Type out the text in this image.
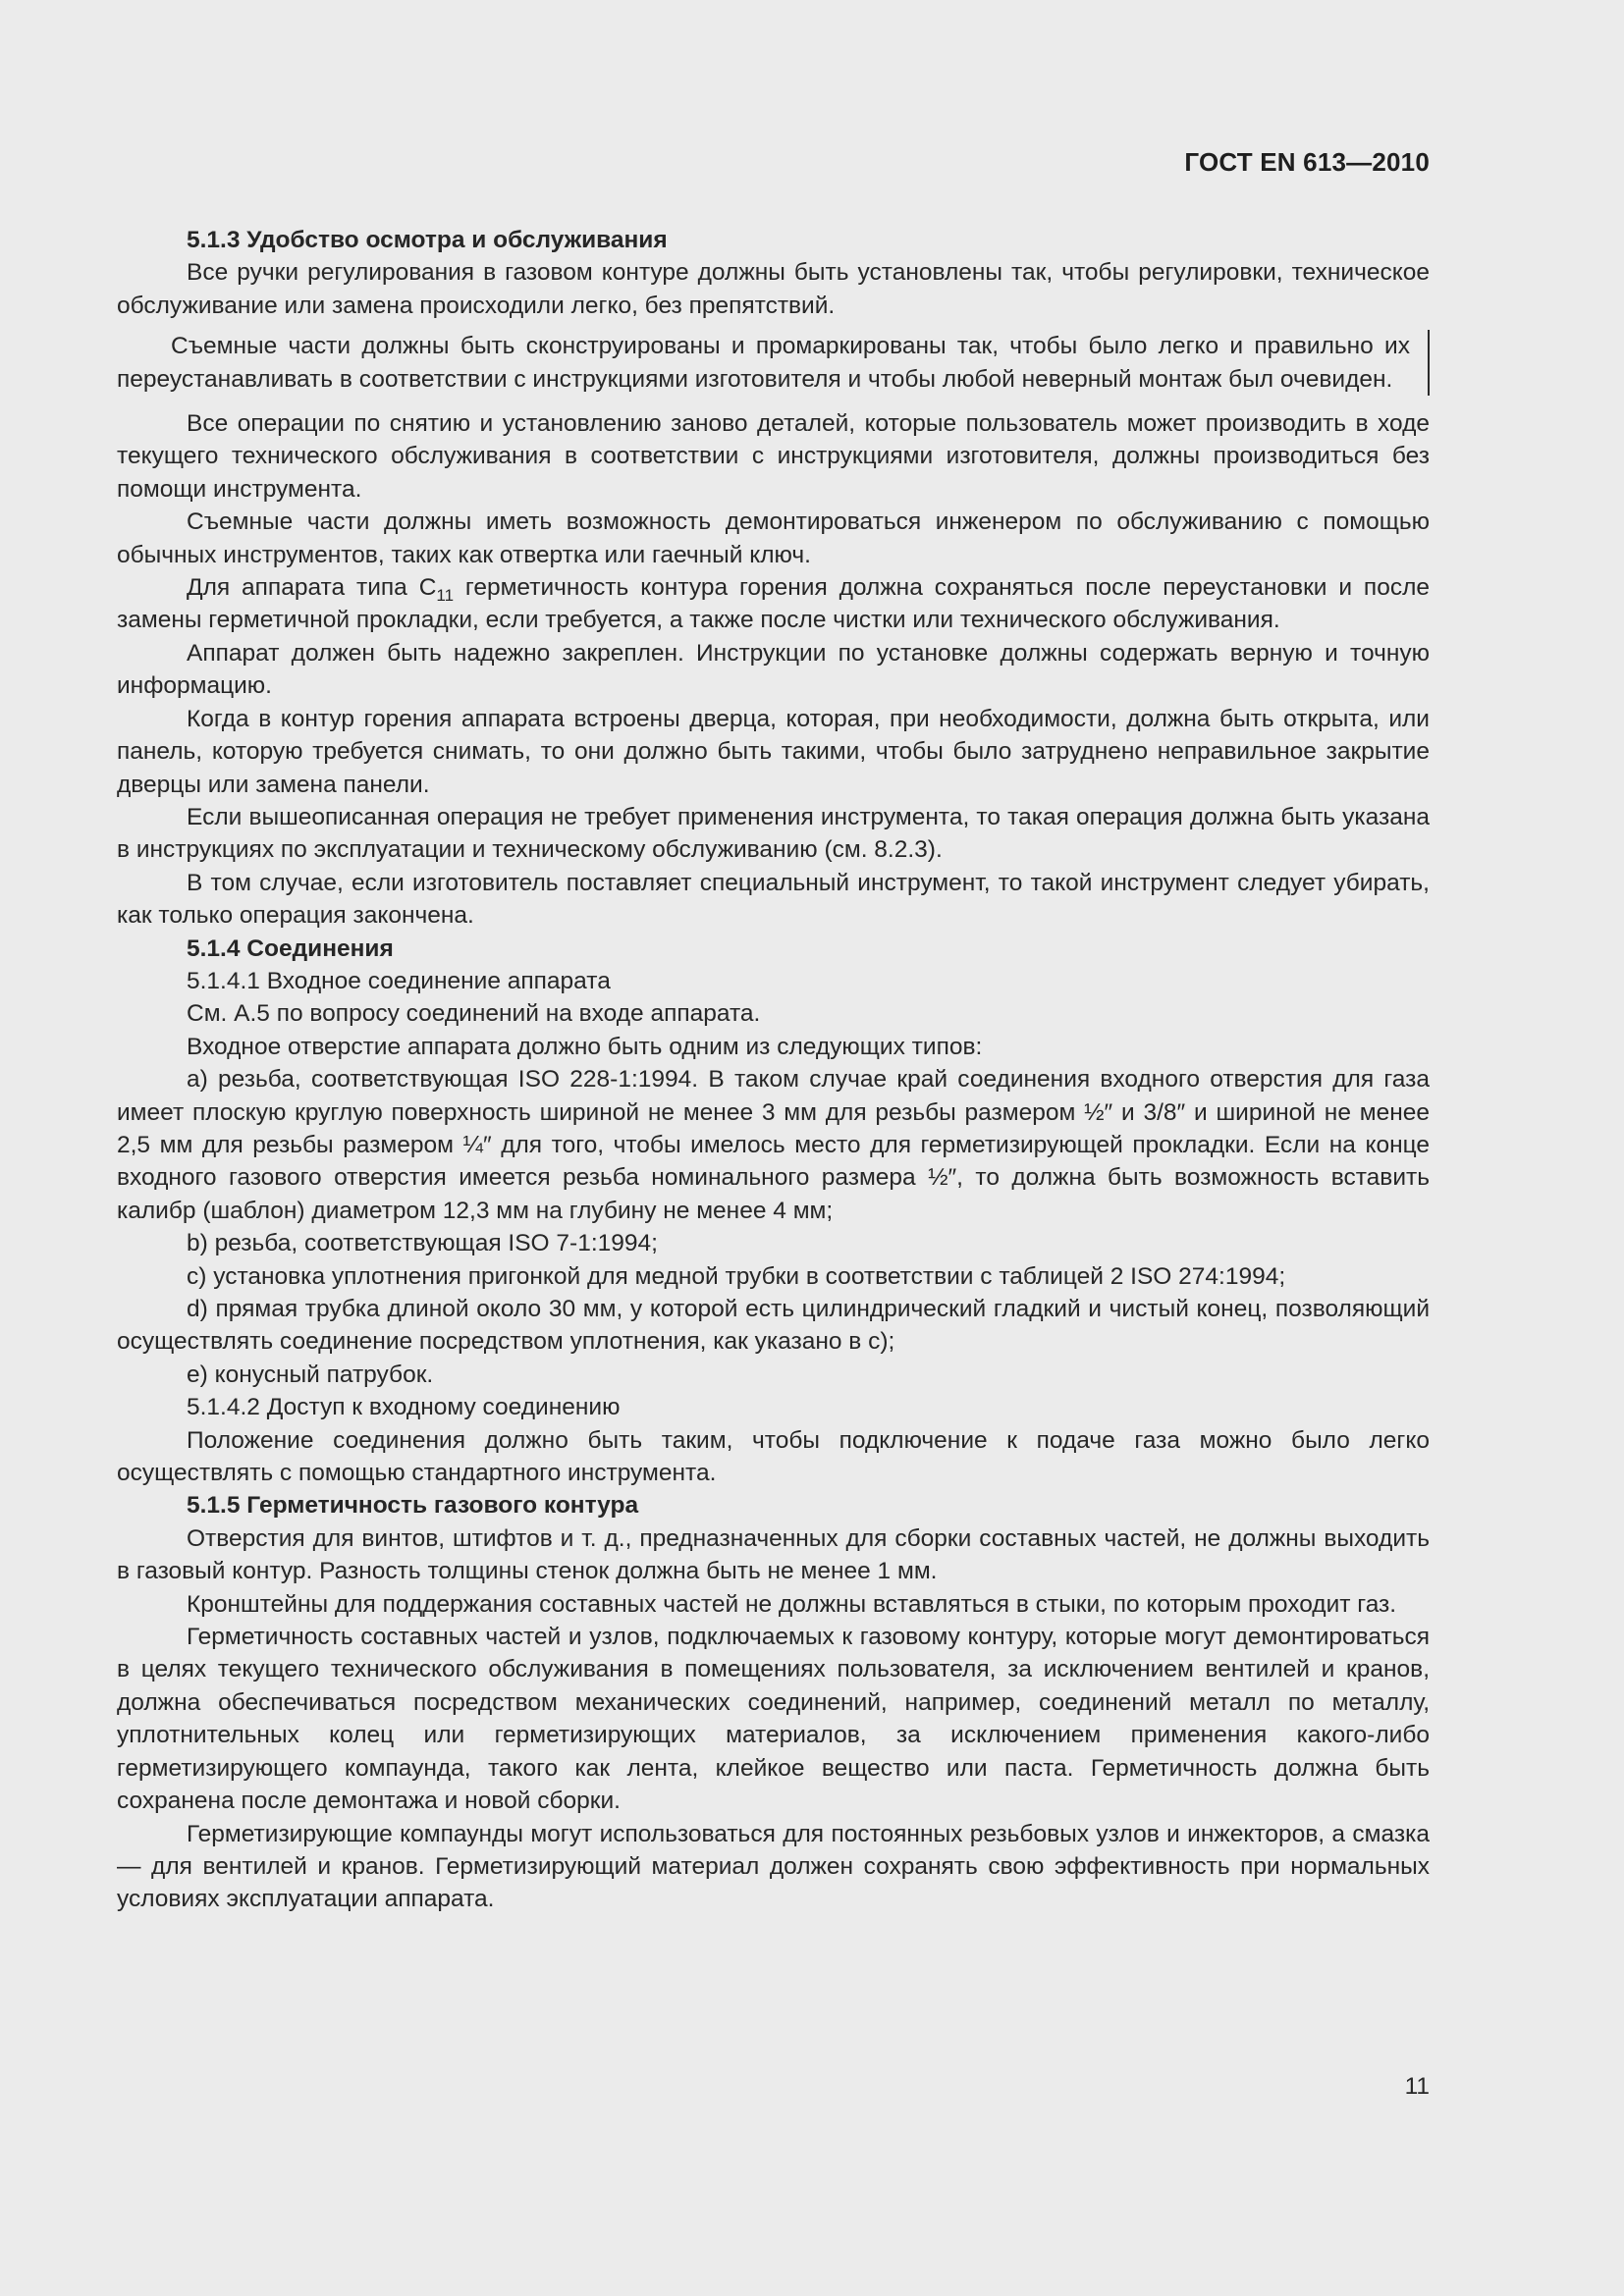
ГОСТ EN 613—2010

5.1.3 Удобство осмотра и обслуживания

Все ручки регулирования в газовом контуре должны быть установлены так, чтобы регулировки, техническое обслуживание или замена происходили легко, без препятствий.

Съемные части должны быть сконструированы и промаркированы так, чтобы было легко и правильно их переустанавливать в соответствии с инструкциями изготовителя и чтобы любой неверный монтаж был очевиден.

Все операции по снятию и установлению заново деталей, которые пользователь может производить в ходе текущего технического обслуживания в соответствии с инструкциями изготовителя, должны производиться без помощи инструмента.

Съемные части должны иметь возможность демонтироваться инженером по обслуживанию с помощью обычных инструментов, таких как отвертка или гаечный ключ.

Для аппарата типа $С_{11}$ герметичность контура горения должна сохраняться после переустановки и после замены герметичной прокладки, если требуется, а также после чистки или технического обслуживания.

Аппарат должен быть надежно закреплен. Инструкции по установке должны содержать верную и точную информацию.

Когда в контур горения аппарата встроены дверца, которая, при необходимости, должна быть открыта, или панель, которую требуется снимать, то они должно быть такими, чтобы было затруднено неправильное закрытие дверцы или замена панели.

Если вышеописанная операция не требует применения инструмента, то такая операция должна быть указана в инструкциях по эксплуатации и техническому обслуживанию (см. 8.2.3).

В том случае, если изготовитель поставляет специальный инструмент, то такой инструмент следует убирать, как только операция закончена.

5.1.4 Соединения

5.1.4.1 Входное соединение аппарата

См. А.5 по вопросу соединений на входе аппарата.

Входное отверстие аппарата должно быть одним из следующих типов:

a) резьба, соответствующая ISO 228-1:1994. В таком случае край соединения входного отверстия для газа имеет плоскую круглую поверхность шириной не менее 3 мм для резьбы размером ½″ и 3/8″ и шириной не менее 2,5 мм для резьбы размером ¼″ для того, чтобы имелось место для герметизирующей прокладки. Если на конце входного газового отверстия имеется резьба номинального размера ½″, то должна быть возможность вставить калибр (шаблон) диаметром 12,3 мм на глубину не менее 4 мм;

b) резьба, соответствующая ISO 7-1:1994;

c) установка уплотнения пригонкой для медной трубки в соответствии с таблицей 2 ISO 274:1994;

d) прямая трубка длиной около 30 мм, у которой есть цилиндрический гладкий и чистый конец, позволяющий осуществлять соединение посредством уплотнения, как указано в с);

e) конусный патрубок.

5.1.4.2 Доступ к входному соединению

Положение соединения должно быть таким, чтобы подключение к подаче газа можно было легко осуществлять с помощью стандартного инструмента.

5.1.5 Герметичность газового контура

Отверстия для винтов, штифтов и т. д., предназначенных для сборки составных частей, не должны выходить в газовый контур. Разность толщины стенок должна быть не менее 1 мм.

Кронштейны для поддержания составных частей не должны вставляться в стыки, по которым проходит газ.

Герметичность составных частей и узлов, подключаемых к газовому контуру, которые могут демонтироваться в целях текущего технического обслуживания в помещениях пользователя, за исключением вентилей и кранов, должна обеспечиваться посредством механических соединений, например, соединений металл по металлу, уплотнительных колец или герметизирующих материалов, за исключением применения какого-либо герметизирующего компаунда, такого как лента, клейкое вещество или паста. Герметичность должна быть сохранена после демонтажа и новой сборки.

Герметизирующие компаунды могут использоваться для постоянных резьбовых узлов и инжекторов, а смазка — для вентилей и кранов. Герметизирующий материал должен сохранять свою эффективность при нормальных условиях эксплуатации аппарата.

11
